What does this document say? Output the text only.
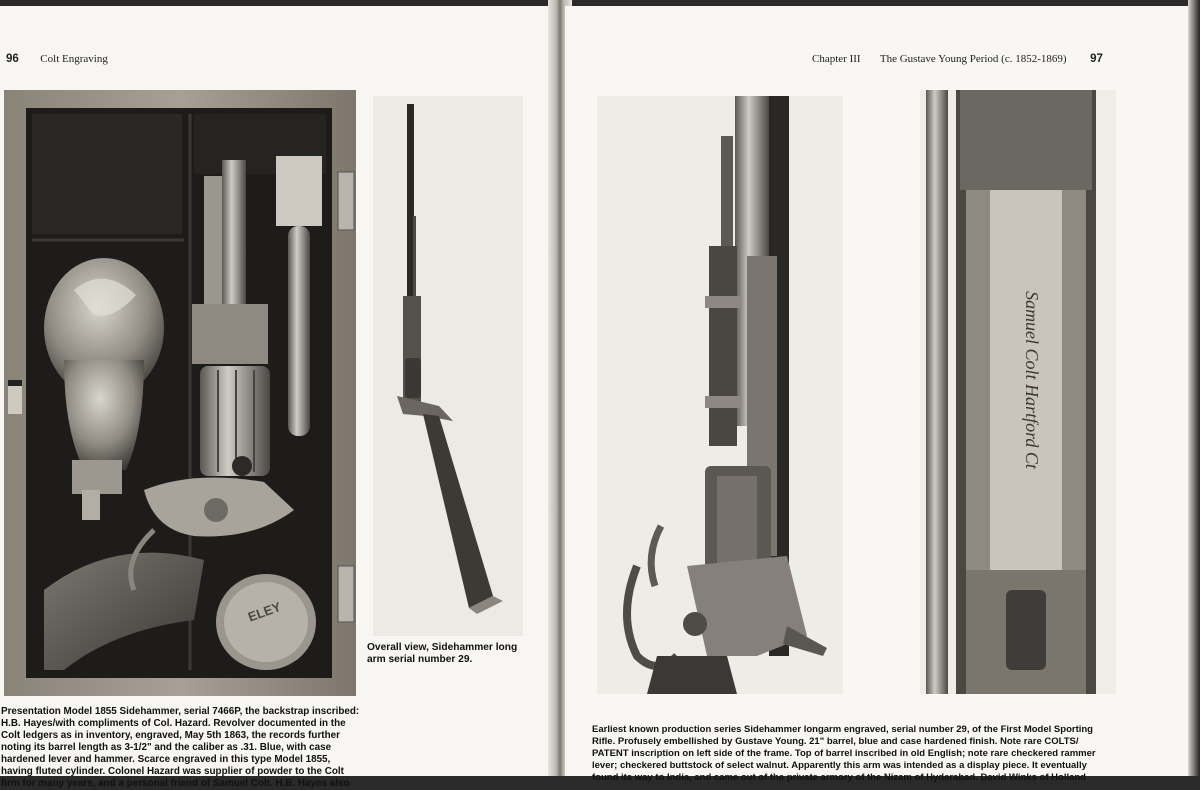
96 Colt Engraving
ELEY
Overall view, Sidehammer long
arm serial number 29.
Presentation Model 1855 Sidehammer, serial 7466P, the backstrap inscribed:
H.B. Hayes/with compliments of Col. Hazard. Revolver documented in the
Colt ledgers as in inventory, engraved, May 5th 1863, the records further
noting its barrel length as 3-1/2" and the caliber as .31. Blue, with case
hardened lever and hammer. Scarce engraved in this type Model 1855,
having fluted cylinder. Colonel Hazard was supplier of powder to the Colt
firm for many years, and a personal friend of Samuel Colt. H.B. Hayes also
Chapter III The Gustave Young Period (c. 1852-1869) 97
Samuel Colt Hartford Ct
Earliest known production series Sidehammer longarm engraved, serial number 29, of the First Model Sporting
Rifle. Profusely embellished by Gustave Young. 21" barrel, blue and case hardened finish. Note rare COLTS/
PATENT inscription on left side of the frame. Top of barrel inscribed in old English; note rare checkered rammer
lever; checkered buttstock of select walnut. Apparently this arm was intended as a display piece. It eventually
found its way to India, and came out of the private armory of the Nizam of Hyderabad. David Winks of Holland
